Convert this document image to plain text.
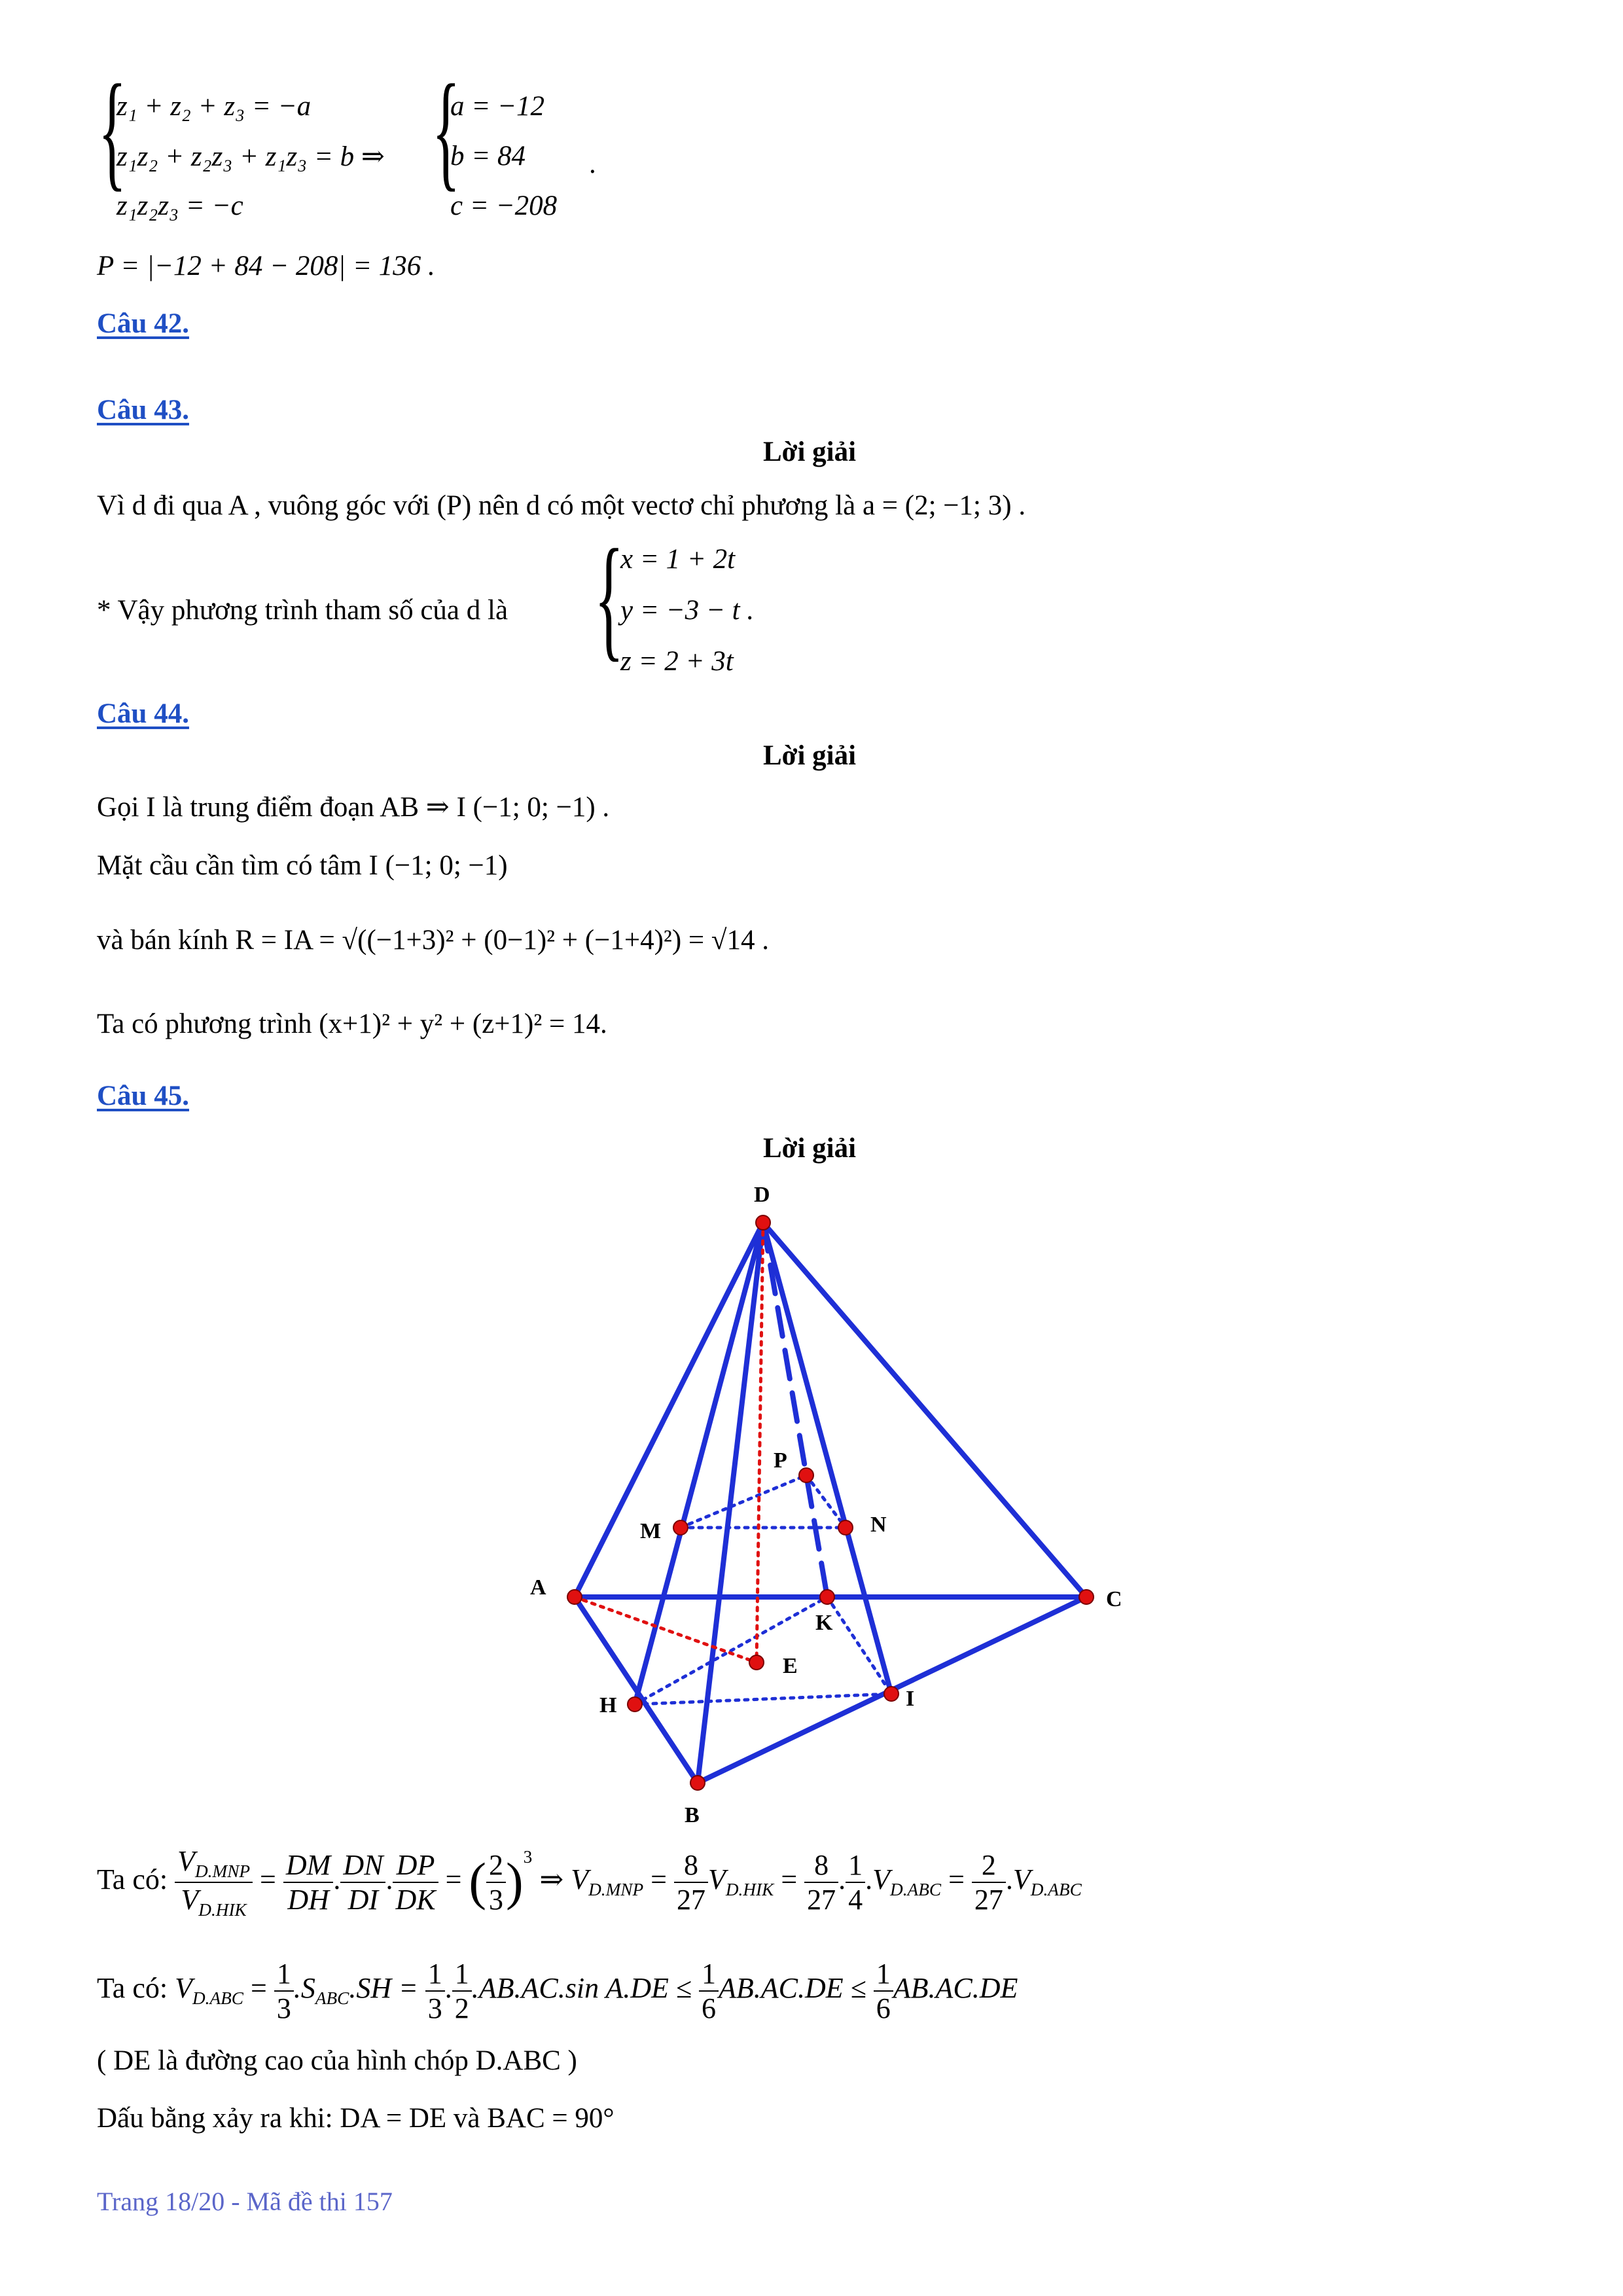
{
z₁ + z₂ + z₃ = −a
z₁z₂ + z₂z₃ + z₁z₃ = b ⇒
z₁z₂z₃ = −c
{
a = −12
b = 84
c = −208
.
P = |−12 + 84 − 208| = 136 .
Câu 42.
Câu 43.
Lời giải
Vì d đi qua A , vuông góc với (P) nên d có một vectơ chỉ phương là a = (2; −1; 3) .
* Vậy phương trình tham số của d là {
x = 1 + 2t
y = −3 − t .
z = 2 + 3t
Câu 44.
Lời giải
Gọi I là trung điểm đoạn AB ⇒ I (−1; 0; −1) .
Mặt cầu cần tìm có tâm I (−1; 0; −1)
và bán kính R = IA = √((−1+3)² + (0−1)² + (−1+4)²) = √14 .
Ta có phương trình (x+1)² + y² + (z+1)² = 14.
Câu 45.
Lời giải
D
P
M	N
A	C
K
E
H	I
B
Ta có: $\frac{V_{D.MNP}}{V_{D.HIK}} = \frac{DM}{DH}$ . $\frac{DN}{DI}$ . $\frac{DP}{DK}$ = ( $\frac{2}{3} )^3$ ⇒ $V_{D.MNP} = \frac{8}{27} V_{D.HIK} = \frac{8}{27}$ . $\frac{1}{4} .V_{D.ABC} = \frac{2}{27} .V_{D.ABC}$
Ta có: $V_{D.ABC} = \frac{1}{3} .S_{ABC}.SH = \frac{1}{3}$ . $\frac{1}{2} .AB.AC.\sin$ $A.DE \le \frac{1}{6} AB.AC.DE \le \frac{1}{6} AB.AC.DE$
( DE là đường cao của hình chóp D.ABC )
Dấu bằng xảy ra khi: DA = DE và BAC = 90°
Trang 18/20 - Mã đề thi 157
